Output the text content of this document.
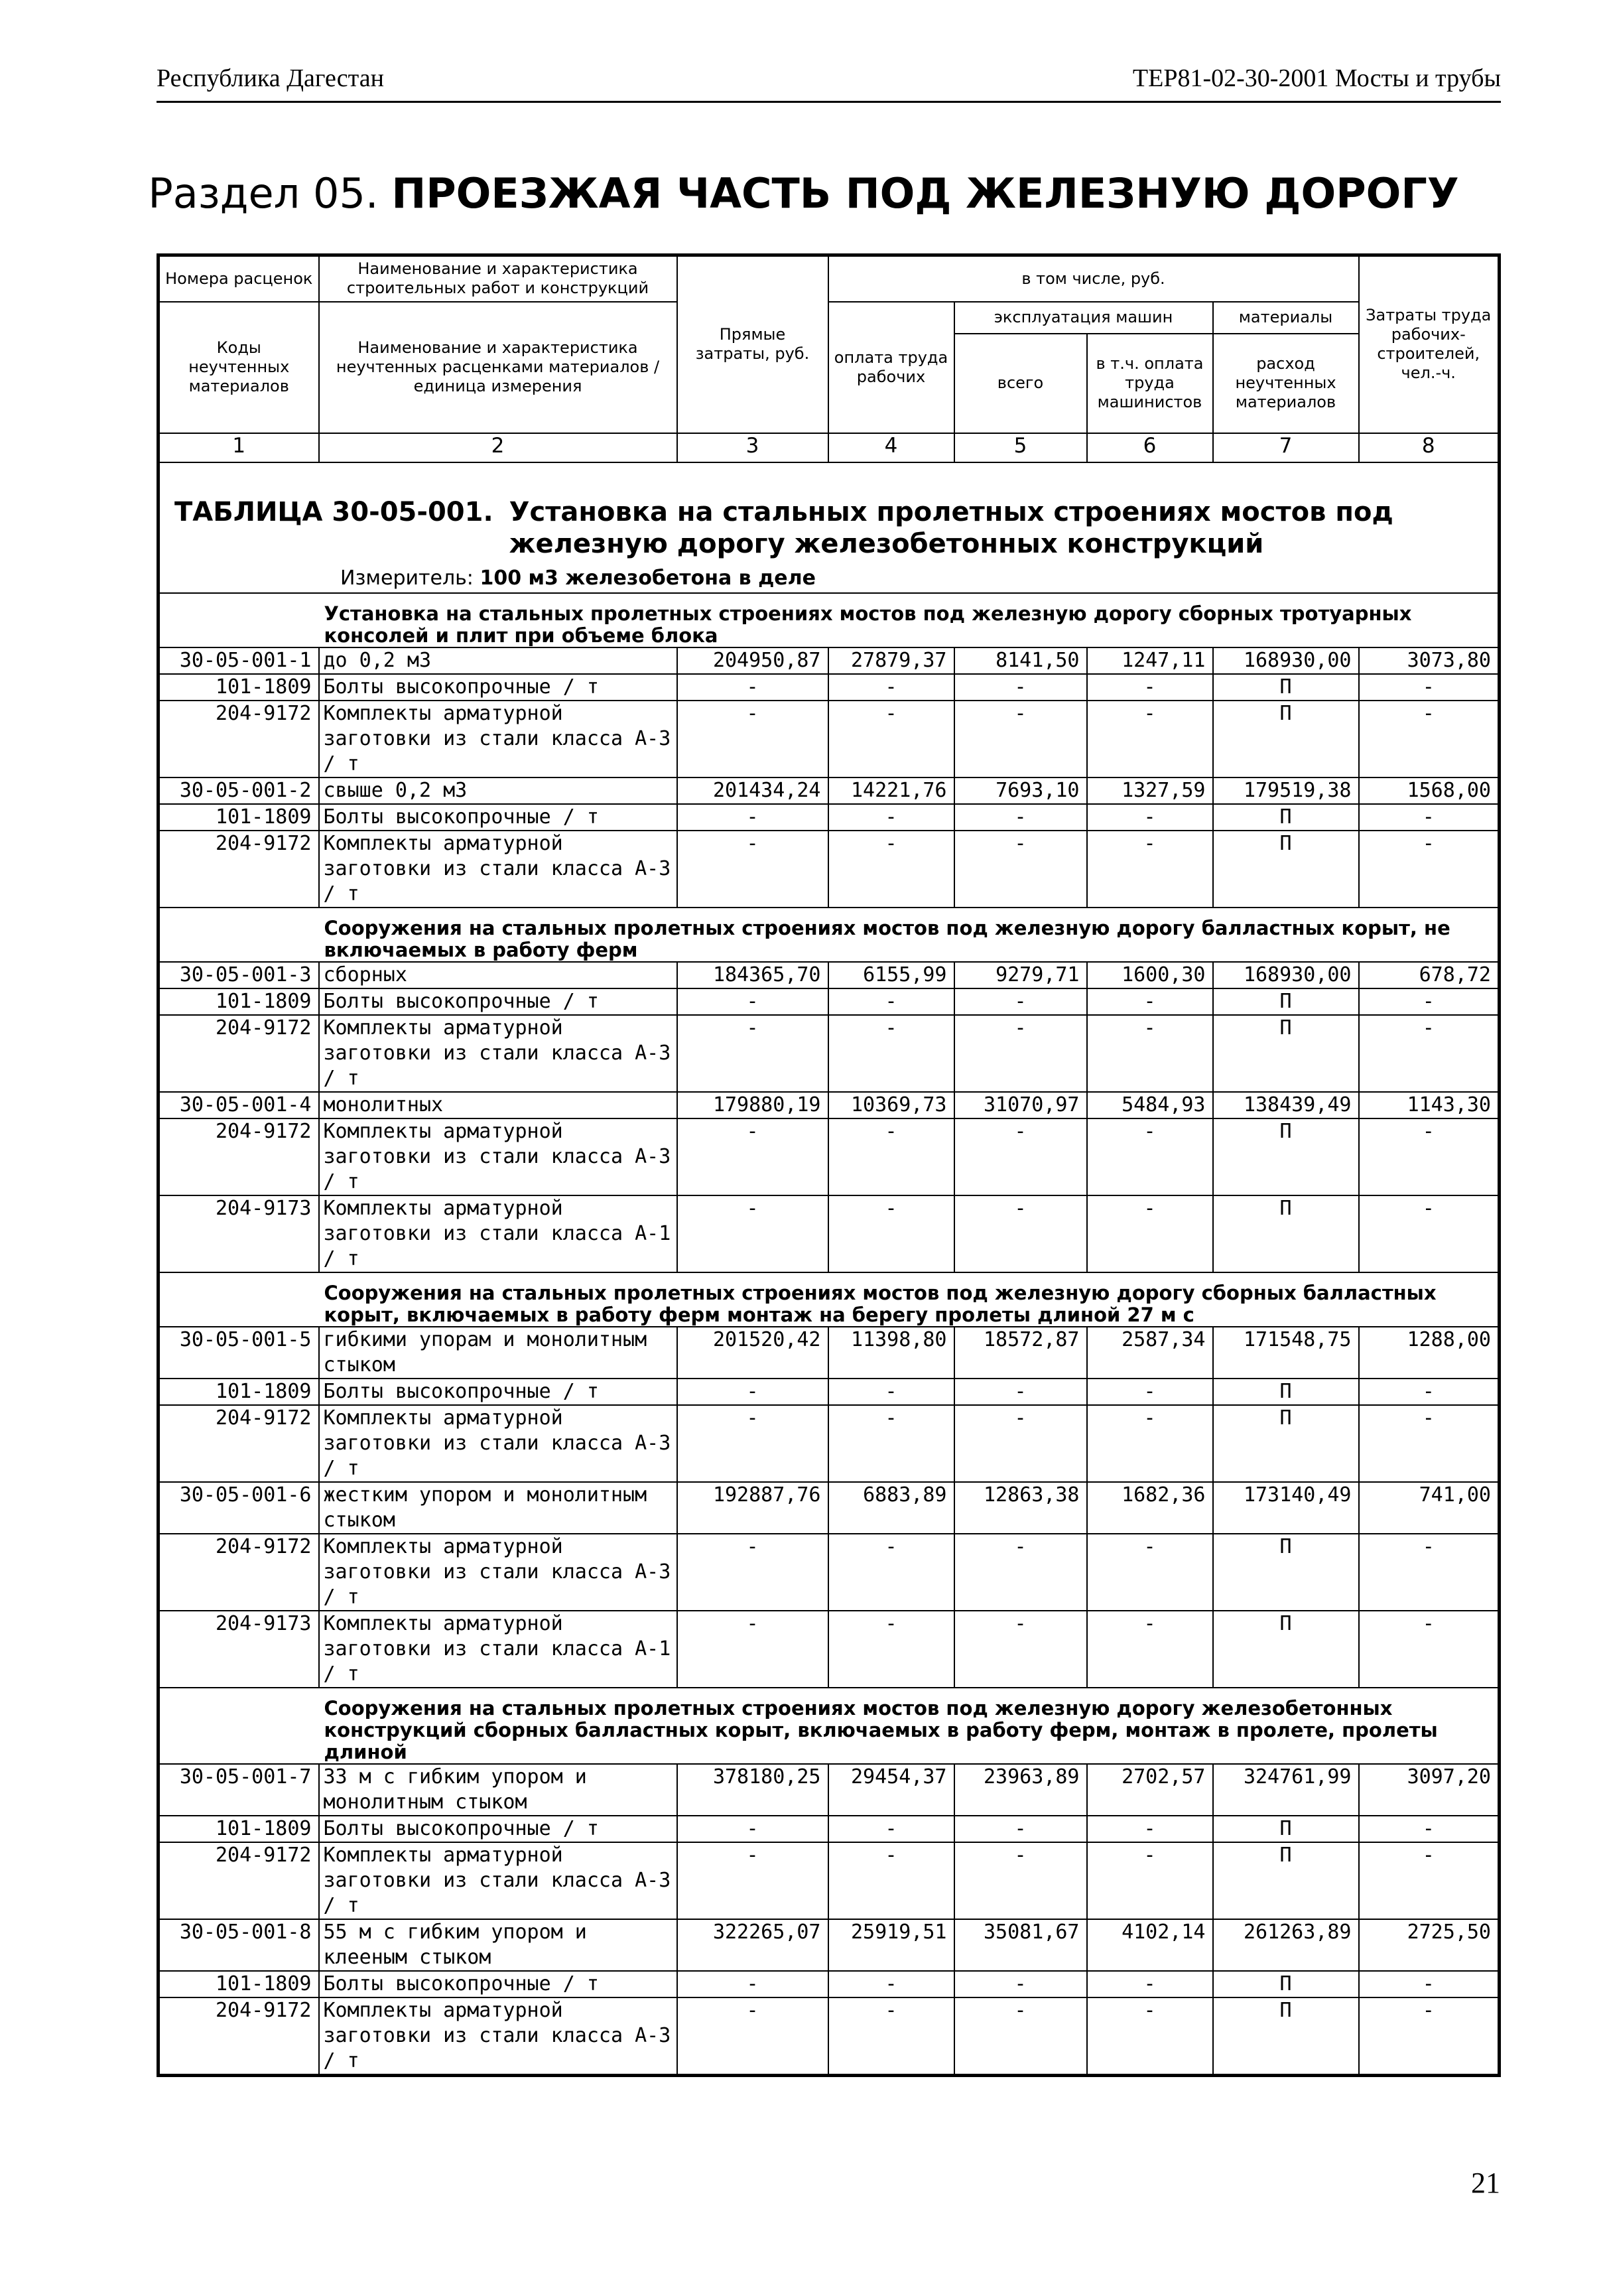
Республика Дагестан	ТЕР81-02-30-2001 Мосты и трубы
Раздел 05. ПРОЕЗЖАЯ ЧАСТЬ ПОД ЖЕЛЕЗНУЮ ДОРОГУ
Номера расценок	Наименование и характеристика строительных работ и конструкций	Прямые затраты, руб.	в том числе, руб.				Затраты труда рабочих-строителей, чел.-ч.
Коды неучтенных материалов	Наименование и характеристика неучтенных расценками материалов / единица измерения		оплата труда рабочих	эксплуатация машин		материалы	
				всего	в т.ч. оплата труда машинистов	расход неучтенных материалов	
1	2	3	4	5	6	7	8

ТАБЛИЦА 30-05-001. Установка на стальных пролетных строениях мостов под железную дорогу железобетонных конструкций
Измеритель: 100 м3 железобетона в деле							

	Установка на стальных пролетных строениях мостов под железную дорогу сборных тротуарных консолей и плит при объеме блока						
30-05-001-1	до 0,2 м3	204950,87	27879,37	8141,50	1247,11	168930,00	3073,80
101-1809	Болты высокопрочные / т	-	-	-	-	П	-
204-9172	Комплекты арматурной заготовки из стали класса А-3 / т	-	-	-	-	П	-
30-05-001-2	свыше 0,2 м3	201434,24	14221,76	7693,10	1327,59	179519,38	1568,00
101-1809	Болты высокопрочные / т	-	-	-	-	П	-
204-9172	Комплекты арматурной заготовки из стали класса А-3 / т	-	-	-	-	П	-
	Сооружения на стальных пролетных строениях мостов под железную дорогу балластных корыт, не включаемых в работу ферм						
30-05-001-3	сборных	184365,70	6155,99	9279,71	1600,30	168930,00	678,72
101-1809	Болты высокопрочные / т	-	-	-	-	П	-
204-9172	Комплекты арматурной заготовки из стали класса А-3 / т	-	-	-	-	П	-
30-05-001-4	монолитных	179880,19	10369,73	31070,97	5484,93	138439,49	1143,30
204-9172	Комплекты арматурной заготовки из стали класса А-3 / т	-	-	-	-	П	-
204-9173	Комплекты арматурной заготовки из стали класса А-1 / т	-	-	-	-	П	-
	Сооружения на стальных пролетных строениях мостов под железную дорогу сборных балластных корыт, включаемых в работу ферм монтаж на берегу пролеты длиной 27 м с						
30-05-001-5	гибкими упорам и монолитным стыком	201520,42	11398,80	18572,87	2587,34	171548,75	1288,00
101-1809	Болты высокопрочные / т	-	-	-	-	П	-
204-9172	Комплекты арматурной заготовки из стали класса А-3 / т	-	-	-	-	П	-
30-05-001-6	жестким упором и монолитным стыком	192887,76	6883,89	12863,38	1682,36	173140,49	741,00
204-9172	Комплекты арматурной заготовки из стали класса А-3 / т	-	-	-	-	П	-
204-9173	Комплекты арматурной заготовки из стали класса А-1 / т	-	-	-	-	П	-
	Сооружения на стальных пролетных строениях мостов под железную дорогу железобетонных конструкций сборных балластных корыт, включаемых в работу ферм, монтаж в пролете, пролеты длиной						
30-05-001-7	33 м с гибким упором и монолитным стыком	378180,25	29454,37	23963,89	2702,57	324761,99	3097,20
101-1809	Болты высокопрочные / т	-	-	-	-	П	-
204-9172	Комплекты арматурной заготовки из стали класса А-3 / т	-	-	-	-	П	-
30-05-001-8	55 м с гибким упором и клееным стыком	322265,07	25919,51	35081,67	4102,14	261263,89	2725,50
101-1809	Болты высокопрочные / т	-	-	-	-	П	-
204-9172	Комплекты арматурной заготовки из стали класса А-3 / т	-	-	-	-	П	-
21
